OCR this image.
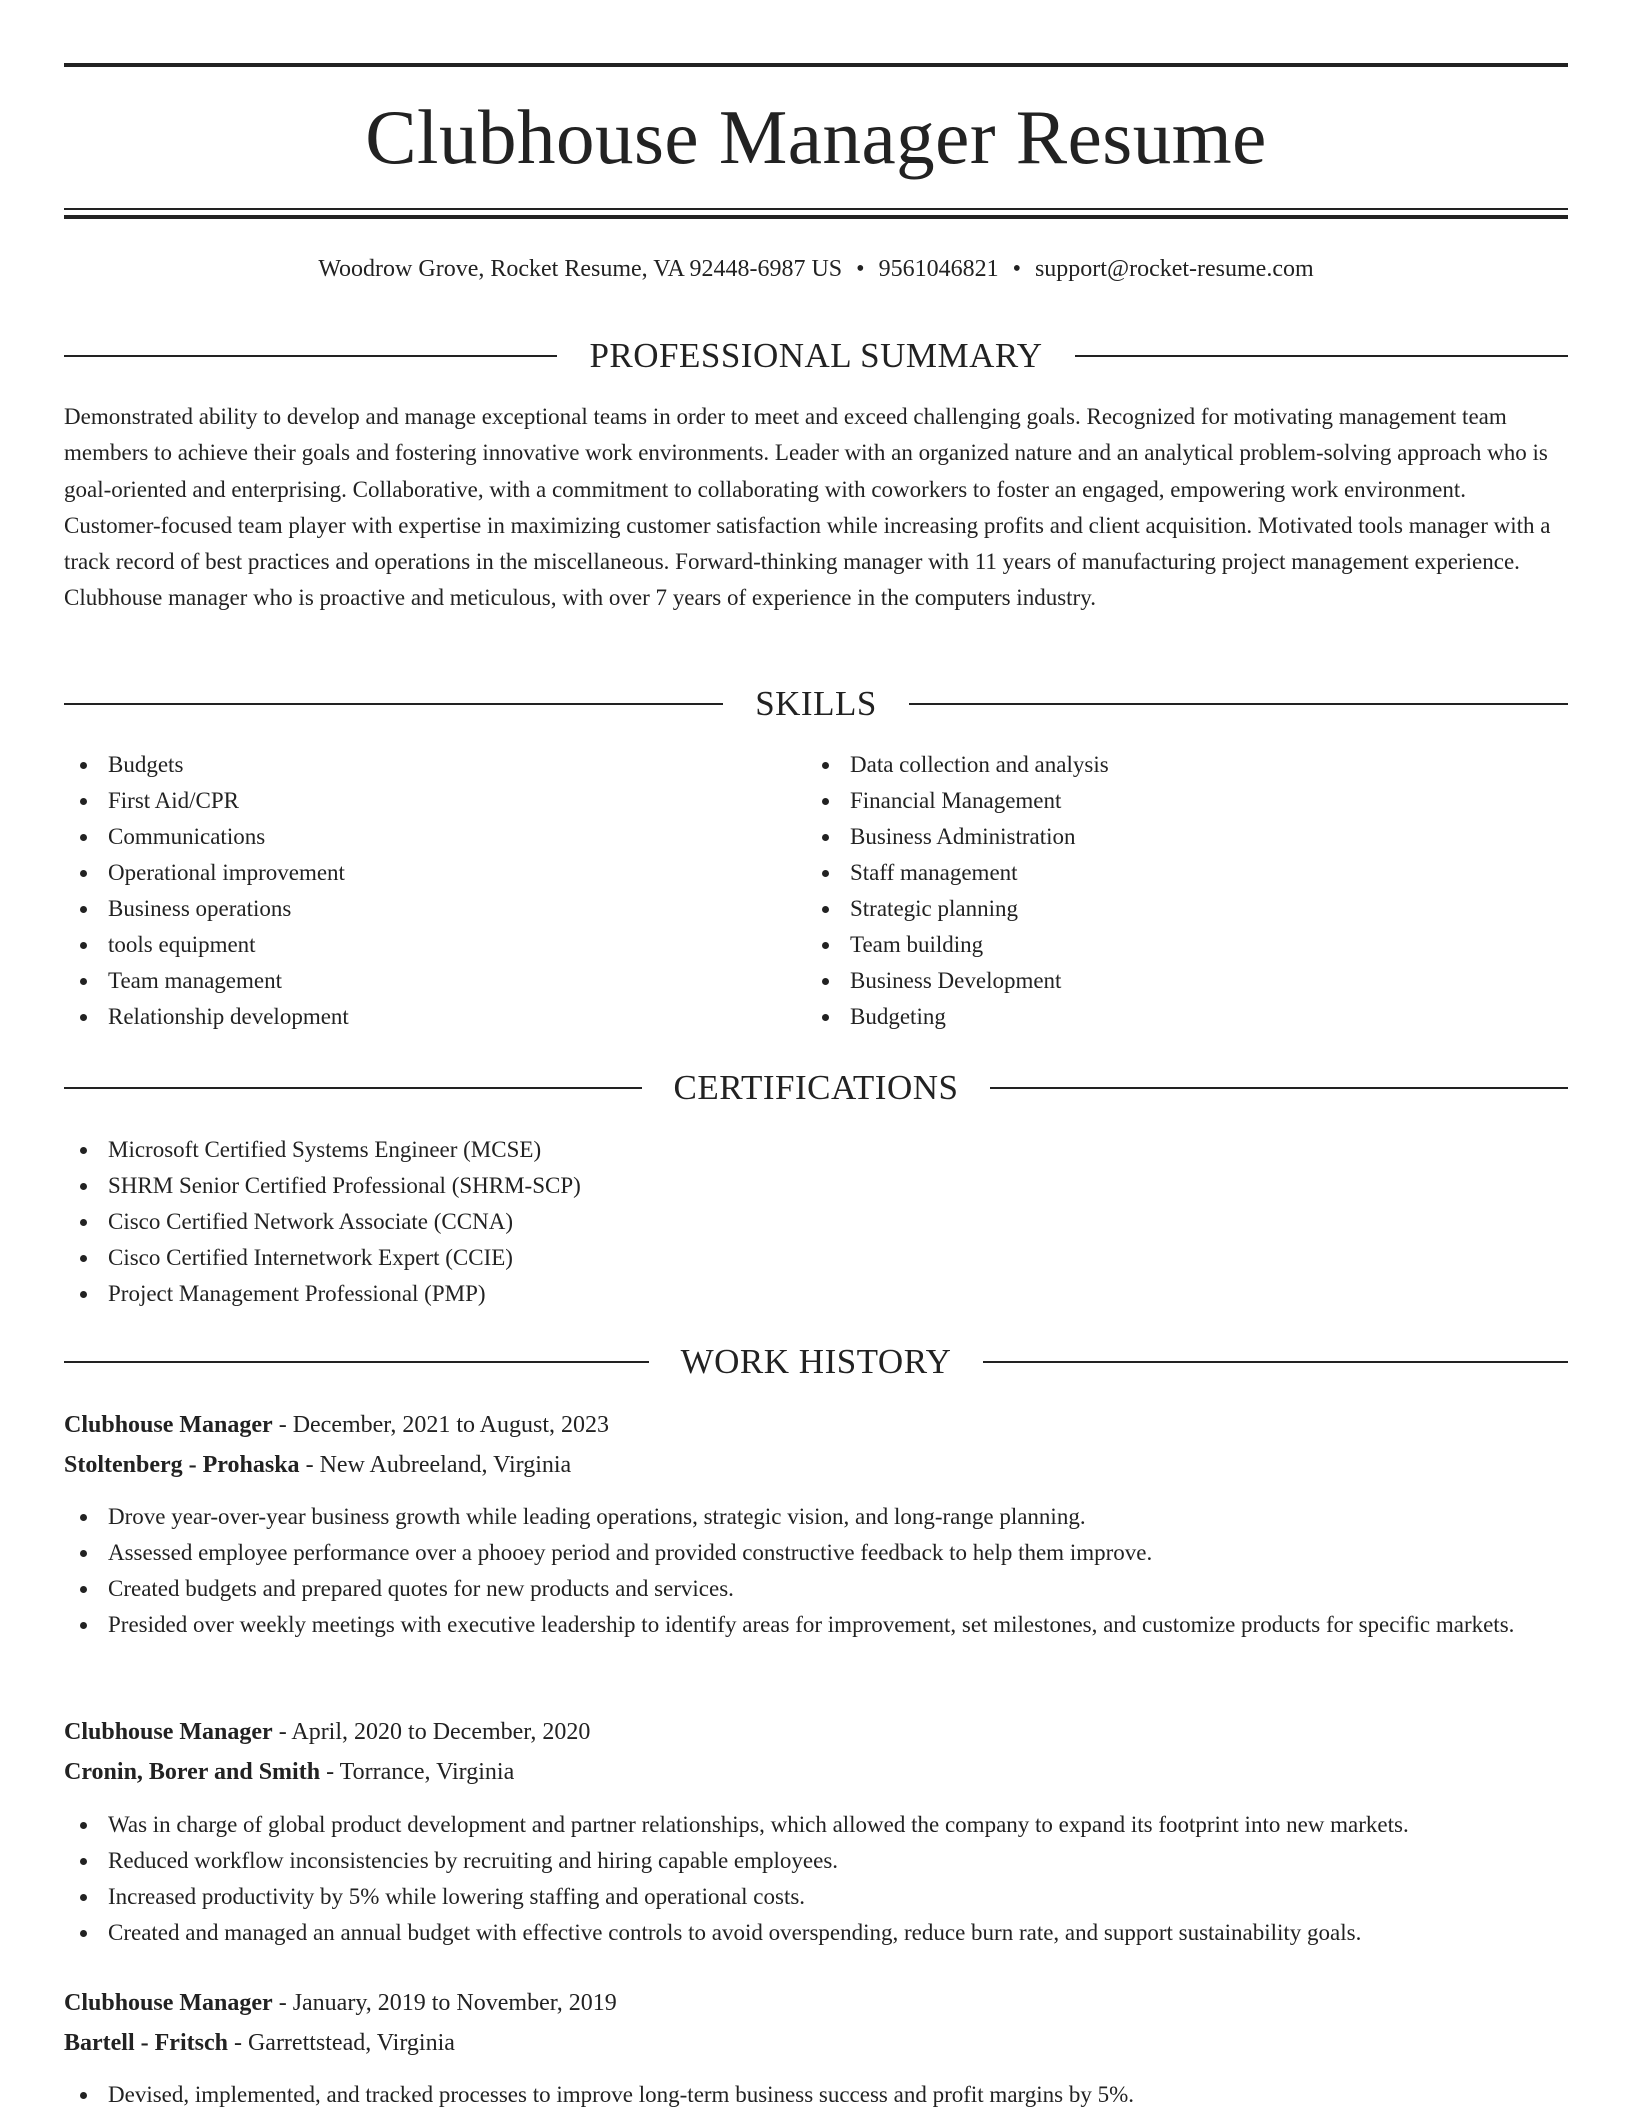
Clubhouse Manager Resume
Woodrow Grove, Rocket Resume, VA 92448-6987 US • 9561046821 • support@rocket-resume.com
PROFESSIONAL SUMMARY
Demonstrated ability to develop and manage exceptional teams in order to meet and exceed challenging goals. Recognized for motivating management team members to achieve their goals and fostering innovative work environments. Leader with an organized nature and an analytical problem-solving approach who is goal-oriented and enterprising. Collaborative, with a commitment to collaborating with coworkers to foster an engaged, empowering work environment. Customer-focused team player with expertise in maximizing customer satisfaction while increasing profits and client acquisition. Motivated tools manager with a track record of best practices and operations in the miscellaneous. Forward-thinking manager with 11 years of manufacturing project management experience. Clubhouse manager who is proactive and meticulous, with over 7 years of experience in the computers industry.
SKILLS
Budgets
First Aid/CPR
Communications
Operational improvement
Business operations
tools equipment
Team management
Relationship development
Data collection and analysis
Financial Management
Business Administration
Staff management
Strategic planning
Team building
Business Development
Budgeting
CERTIFICATIONS
Microsoft Certified Systems Engineer (MCSE)
SHRM Senior Certified Professional (SHRM-SCP)
Cisco Certified Network Associate (CCNA)
Cisco Certified Internetwork Expert (CCIE)
Project Management Professional (PMP)
WORK HISTORY
Clubhouse Manager - December, 2021 to August, 2023
Stoltenberg - Prohaska - New Aubreeland, Virginia
Drove year-over-year business growth while leading operations, strategic vision, and long-range planning.
Assessed employee performance over a phooey period and provided constructive feedback to help them improve.
Created budgets and prepared quotes for new products and services.
Presided over weekly meetings with executive leadership to identify areas for improvement, set milestones, and customize products for specific markets.
Clubhouse Manager - April, 2020 to December, 2020
Cronin, Borer and Smith - Torrance, Virginia
Was in charge of global product development and partner relationships, which allowed the company to expand its footprint into new markets.
Reduced workflow inconsistencies by recruiting and hiring capable employees.
Increased productivity by 5% while lowering staffing and operational costs.
Created and managed an annual budget with effective controls to avoid overspending, reduce burn rate, and support sustainability goals.
Clubhouse Manager - January, 2019 to November, 2019
Bartell - Fritsch - Garrettstead, Virginia
Devised, implemented, and tracked processes to improve long-term business success and profit margins by 5%.
